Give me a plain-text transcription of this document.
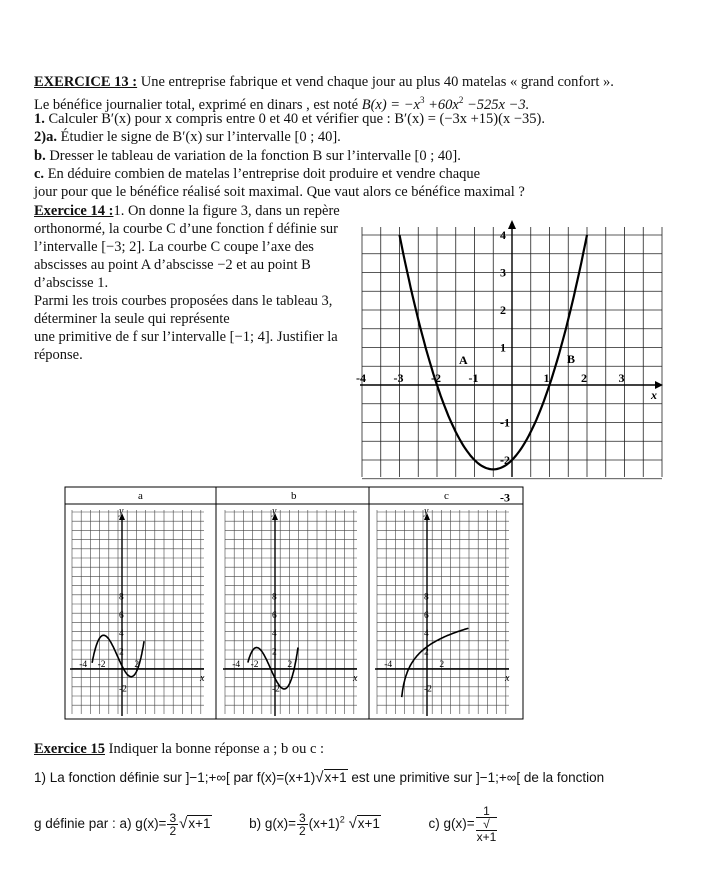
EXERCICE 13 : Une entreprise fabrique et vend chaque jour au plus 40 matelas « grand confort ».
Le bénéfice journalier total, exprimé en dinars , est noté $B(x) = -x^3 +60x^2 -525x -3$.
1. Calculer B′(x) pour x compris entre 0 et 40 et vérifier que : B′(x) = (−3x +15)(x −35).
2)a. Étudier le signe de B′(x) sur l’intervalle [0 ; 40].
b. Dresser le tableau de variation de la fonction B sur l’intervalle [0 ; 40].
c. En déduire combien de matelas l’entreprise doit produire et vendre chaque
jour pour que le bénéfice réalisé soit maximal. Que vaut alors ce bénéfice maximal ?
Exercice 14 :1. On donne la figure 3, dans un repère
orthonormé, la courbe C d’une fonction f définie sur
l’intervalle [−3; 2]. La courbe C coupe l’axe des
abscisses au point A d’abscisse −2 et au point B
d’abscisse 1.
Parmi les trois courbes proposées dans le tableau 3,
déterminer la seule qui représente
une primitive de f sur l’intervalle [−1; 4]. Justifier la
réponse.
-4 -3 -2 -1	1	2	3
4
3
2
1
-1
-2
-3
x
A	B
a	b	c
y
x
8
6
4
2
-2
-4 -2	2
y
x
8
6
4
2
-2
-4 -2	2
y
x
8
6
4
2
-2
-4	2
Exercice 15 Indiquer la bonne réponse a ; b ou c :
1) La fonction définie sur ]−1;+∞[ par f(x)=(x+1)√x+1 est une primitive sur ]−1;+∞[ de la fonction
g définie par : a) $g(x)= \frac{3}{2} √x+1$	b) $g(x)= \frac{3}{2} (x+1)^2$ √x+1	c) g(x)= 1
√
x+1
